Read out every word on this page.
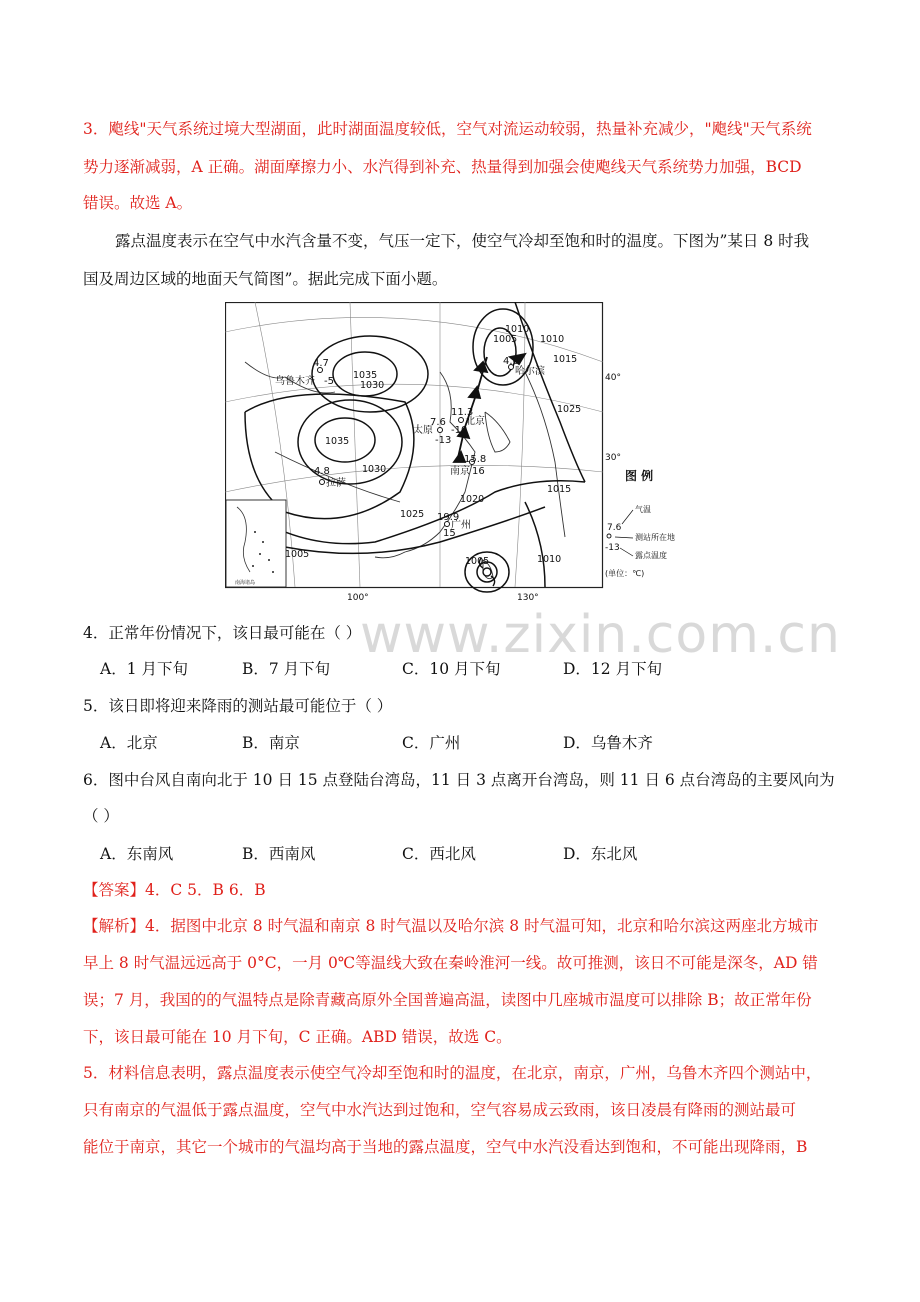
3．飑线"天气系统过境大型湖面，此时湖面温度较低，空气对流运动较弱，热量补充减少，"飑线"天气系统
势力逐渐减弱，A 正确。湖面摩擦力小、水汽得到补充、热量得到加强会使飑线天气系统势力加强，BCD
错误。故选 A。
露点温度表示在空气中水汽含量不变，气压一定下，使空气冷却至饱和时的温度。下图为”某日 8 时我
国及周边区域的地面天气简图”。据此完成下面小题。
南海诸岛
4.7
乌鲁木齐 -5
4.8
拉萨
4.6
哈尔滨
太原
7.6
-13
11.3
北京
-10
15.8
南京 16
19.9
广州
15
1035
1030
1035
1030
1025
1020
1015
1010
1005
1005
1010
1015
1025
1005	1010
40°
30°
100°	130°
图 例
气温
7.6
测站所在地
-13
露点温度
(单位：℃)
4．正常年份情况下，该日最可能在（ ）
A．1 月下旬	B．7 月下旬	C．10 月下旬	D．12 月下旬
5．该日即将迎来降雨的测站最可能位于（ ）
A．北京	B．南京	C．广州	D．乌鲁木齐
6．图中台风自南向北于 10 日 15 点登陆台湾岛，11 日 3 点离开台湾岛，则 11 日 6 点台湾岛的主要风向为
（ ）
A．东南风	B．西南风	C．西北风	D．东北风
【答案】4．C 5．B 6．B
【解析】4．据图中北京 8 时气温和南京 8 时气温以及哈尔滨 8 时气温可知，北京和哈尔滨这两座北方城市
早上 8 时气温远远高于 0°C，一月 0℃等温线大致在秦岭淮河一线。故可推测，该日不可能是深冬，AD 错
误；7 月，我国的的气温特点是除青藏高原外全国普遍高温，读图中几座城市温度可以排除 B；故正常年份
下，该日最可能在 10 月下旬，C 正确。ABD 错误，故选 C。
5．材料信息表明，露点温度表示使空气冷却至饱和时的温度，在北京，南京，广州，乌鲁木齐四个测站中，
只有南京的气温低于露点温度，空气中水汽达到过饱和，空气容易成云致雨，该日凌晨有降雨的测站最可
能位于南京，其它一个城市的气温均高于当地的露点温度，空气中水汽没看达到饱和，不可能出现降雨，B
www.zixin.com.cn
